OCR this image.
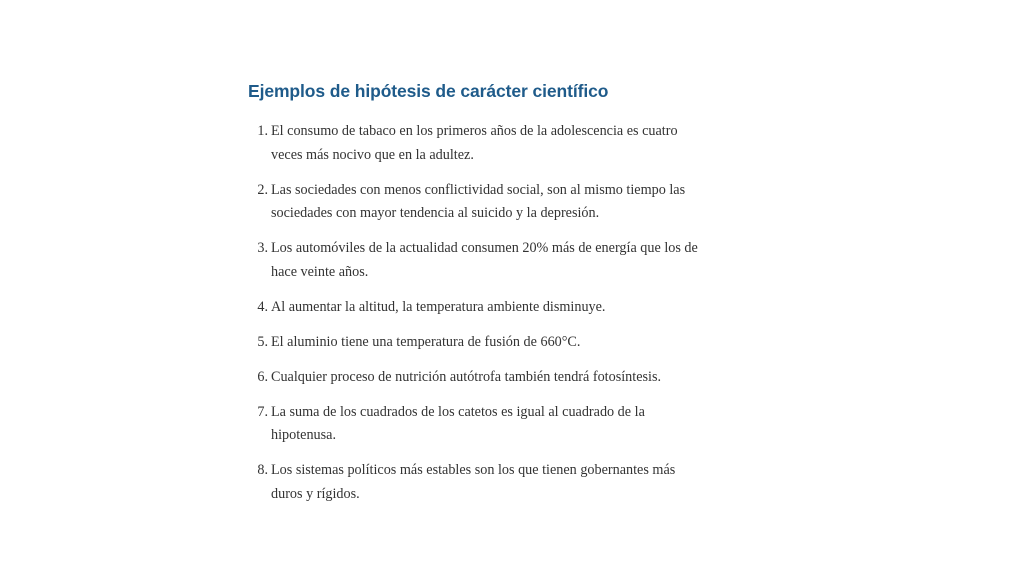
Ejemplos de hipótesis de carácter científico
1. El consumo de tabaco en los primeros años de la adolescencia es cuatro veces más nocivo que en la adultez.
2. Las sociedades con menos conflictividad social, son al mismo tiempo las sociedades con mayor tendencia al suicido y la depresión.
3. Los automóviles de la actualidad consumen 20% más de energía que los de hace veinte años.
4. Al aumentar la altitud, la temperatura ambiente disminuye.
5. El aluminio tiene una temperatura de fusión de 660°C.
6. Cualquier proceso de nutrición autótrofa también tendrá fotosíntesis.
7. La suma de los cuadrados de los catetos es igual al cuadrado de la hipotenusa.
8. Los sistemas políticos más estables son los que tienen gobernantes más duros y rígidos.
